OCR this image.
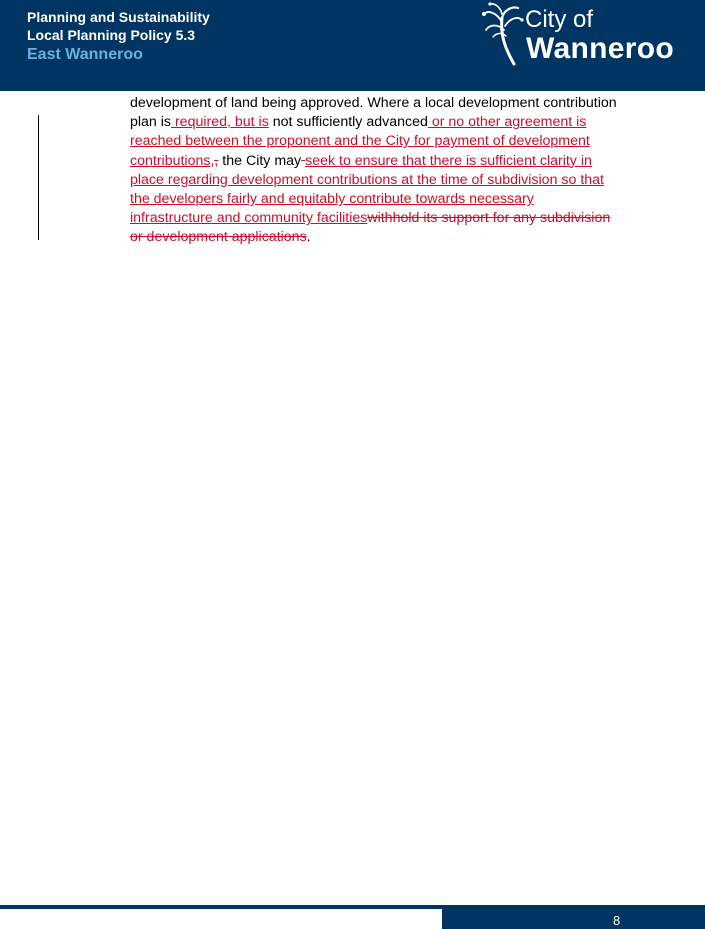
Planning and Sustainability
Local Planning Policy 5.3
East Wanneroo
City of
Wanneroo
development of land being approved. Where a local development contribution plan is required, but is not sufficiently advanced or no other agreement is reached between the proponent and the City for payment of development contributions,, the City may seek to ensure that there is sufficient clarity in place regarding development contributions at the time of subdivision so that the developers fairly and equitably contribute towards necessary infrastructure and community facilitieswithhold its support for any subdivision or development applications.
8
